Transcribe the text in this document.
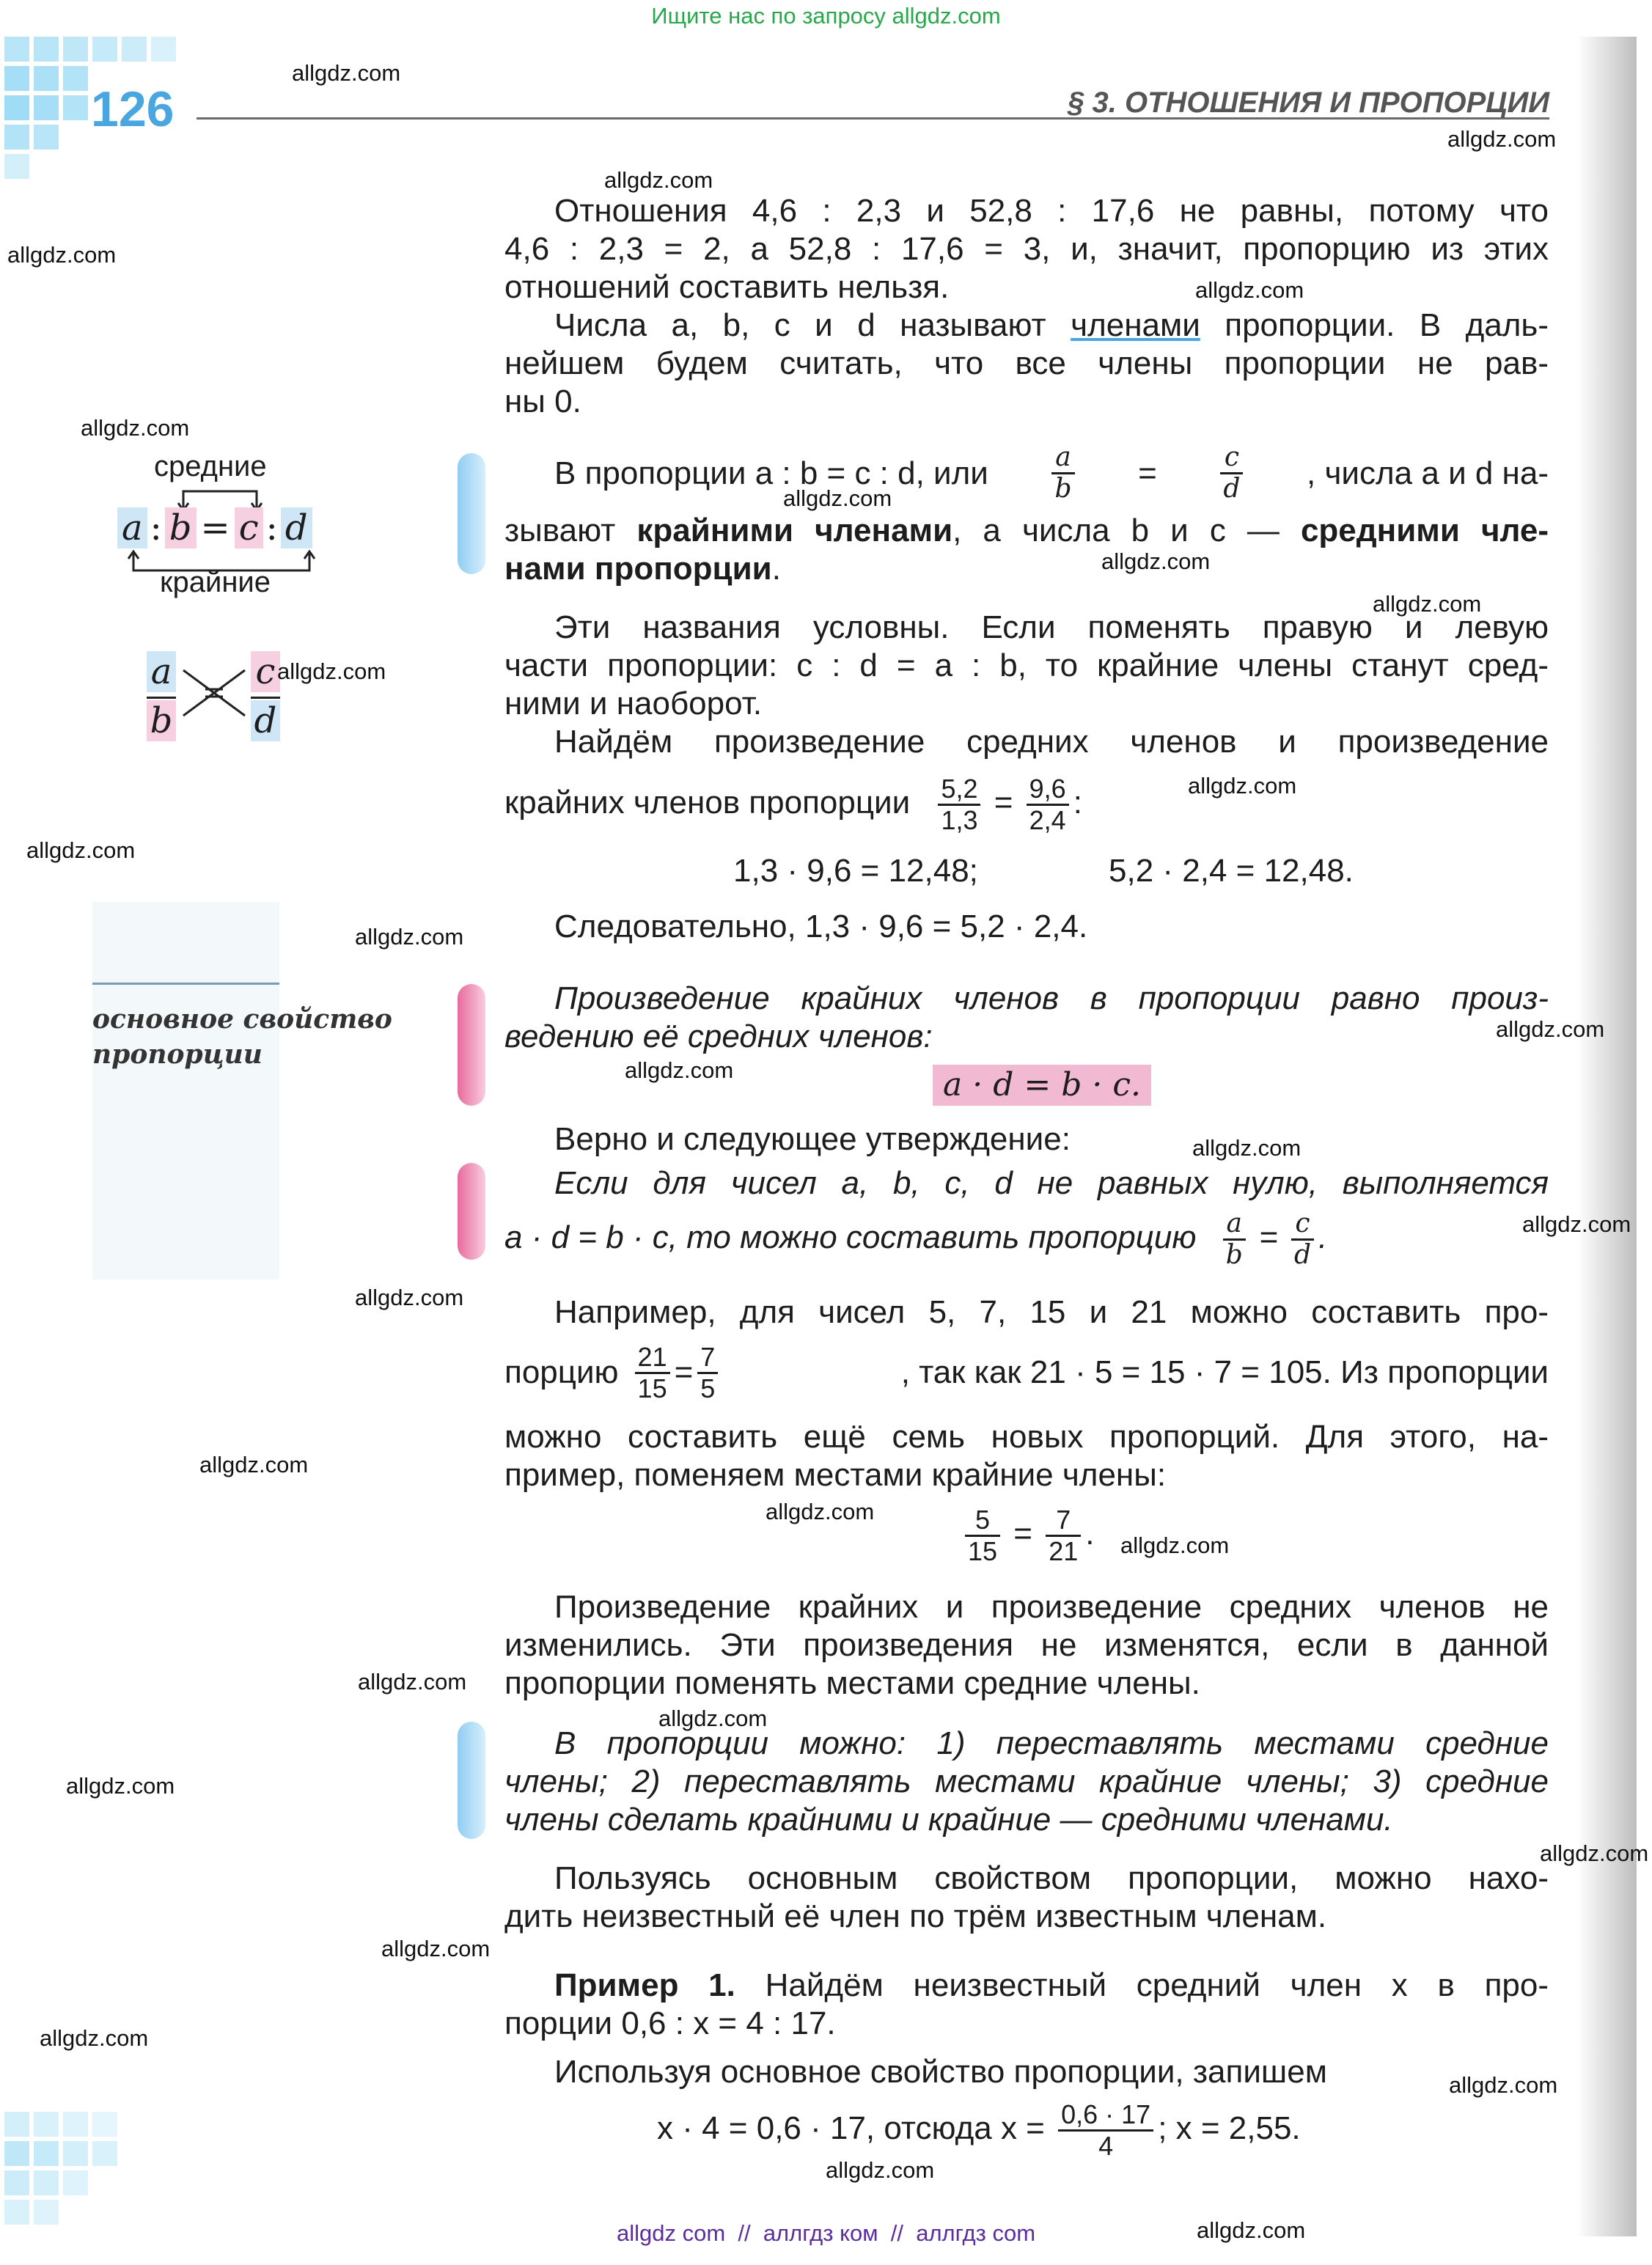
Ищите нас по запросу allgdz.com
126	§ 3. ОТНОШЕНИЯ И ПРОПОРЦИИ
средние
a : b = c : d
крайние
a
b
c
d
основное свойство пропорции
Отношения 4,6 : 2,3 и 52,8 : 17,6 не равны, потому что
4,6 : 2,3 = 2, а 52,8 : 17,6 = 3, и, значит, пропорцию из этих
отношений составить нельзя.
Числа a, b, c и d называют членами пропорции. В даль-
нейшем будем считать, что все члены пропорции не рав-
ны 0.
В пропорции a : b = c : d, или $\frac{a}{b} = \frac{c}{d}$ , числа a и d на-
зывают крайними членами, а числа b и c — средними чле-
нами пропорции.
Эти названия условны. Если поменять правую и левую
части пропорции: c : d = a : b, то крайние члены станут сред-
ними и наоборот.
Найдём произведение средних членов и произведение
крайних членов пропорции $\frac{5,2}{1,3} = \frac{9,6}{2,4}$ :
1,3 · 9,6 = 12,48;	5,2 · 2,4 = 12,48.
Следовательно, 1,3 · 9,6 = 5,2 · 2,4.
Произведение крайних членов в пропорции равно произ-
ведению её средних членов:
a · d = b · c.
Верно и следующее утверждение:
Если для чисел a, b, c, d не равных нулю, выполняется
a · d = b · c, то можно составить пропорцию $\frac{a}{b} = \frac{c}{d}$ .
Например, для чисел 5, 7, 15 и 21 можно составить про-
порцию $\frac{21}{15} = \frac{7}{5}$	, так как 21 · 5 = 15 · 7 = 105. Из пропорции
можно составить ещё семь новых пропорций. Для этого, на-
пример, поменяем местами крайние члены:
$\frac{5}{15} = \frac{7}{21}$ .
Произведение крайних и произведение средних членов не
изменились. Эти произведения не изменятся, если в данной
пропорции поменять местами средние члены.
В пропорции можно: 1) переставлять местами средние
члены; 2) переставлять местами крайние члены; 3) средние
члены сделать крайними и крайние — средними членами.
Пользуясь основным свойством пропорции, можно нахо-
дить неизвестный её член по трём известным членам.
Пример 1. Найдём неизвестный средний член x в про-
порции 0,6 : x = 4 : 17.
Используя основное свойство пропорции, запишем
x · 4 = 0,6 · 17, отсюда $x = \frac{0,6 \cdot 17}{4}$ ; x = 2,55.
allgdz.com
allgdz.com
allgdz.com
allgdz.com
allgdz.com
allgdz.com
allgdz.com
allgdz.com
allgdz.com
allgdz.com
allgdz.com
allgdz.com
allgdz.com
allgdz.com
allgdz.com
allgdz.com
allgdz.com
allgdz.com
allgdz.com
allgdz.com
allgdz.com
allgdz.com
allgdz.com
allgdz.com
allgdz.com
allgdz.com
allgdz.com
allgdz.com
allgdz.com
allgdz.com
allgdz com  //  аллгдз ком  //  аллгдз com
